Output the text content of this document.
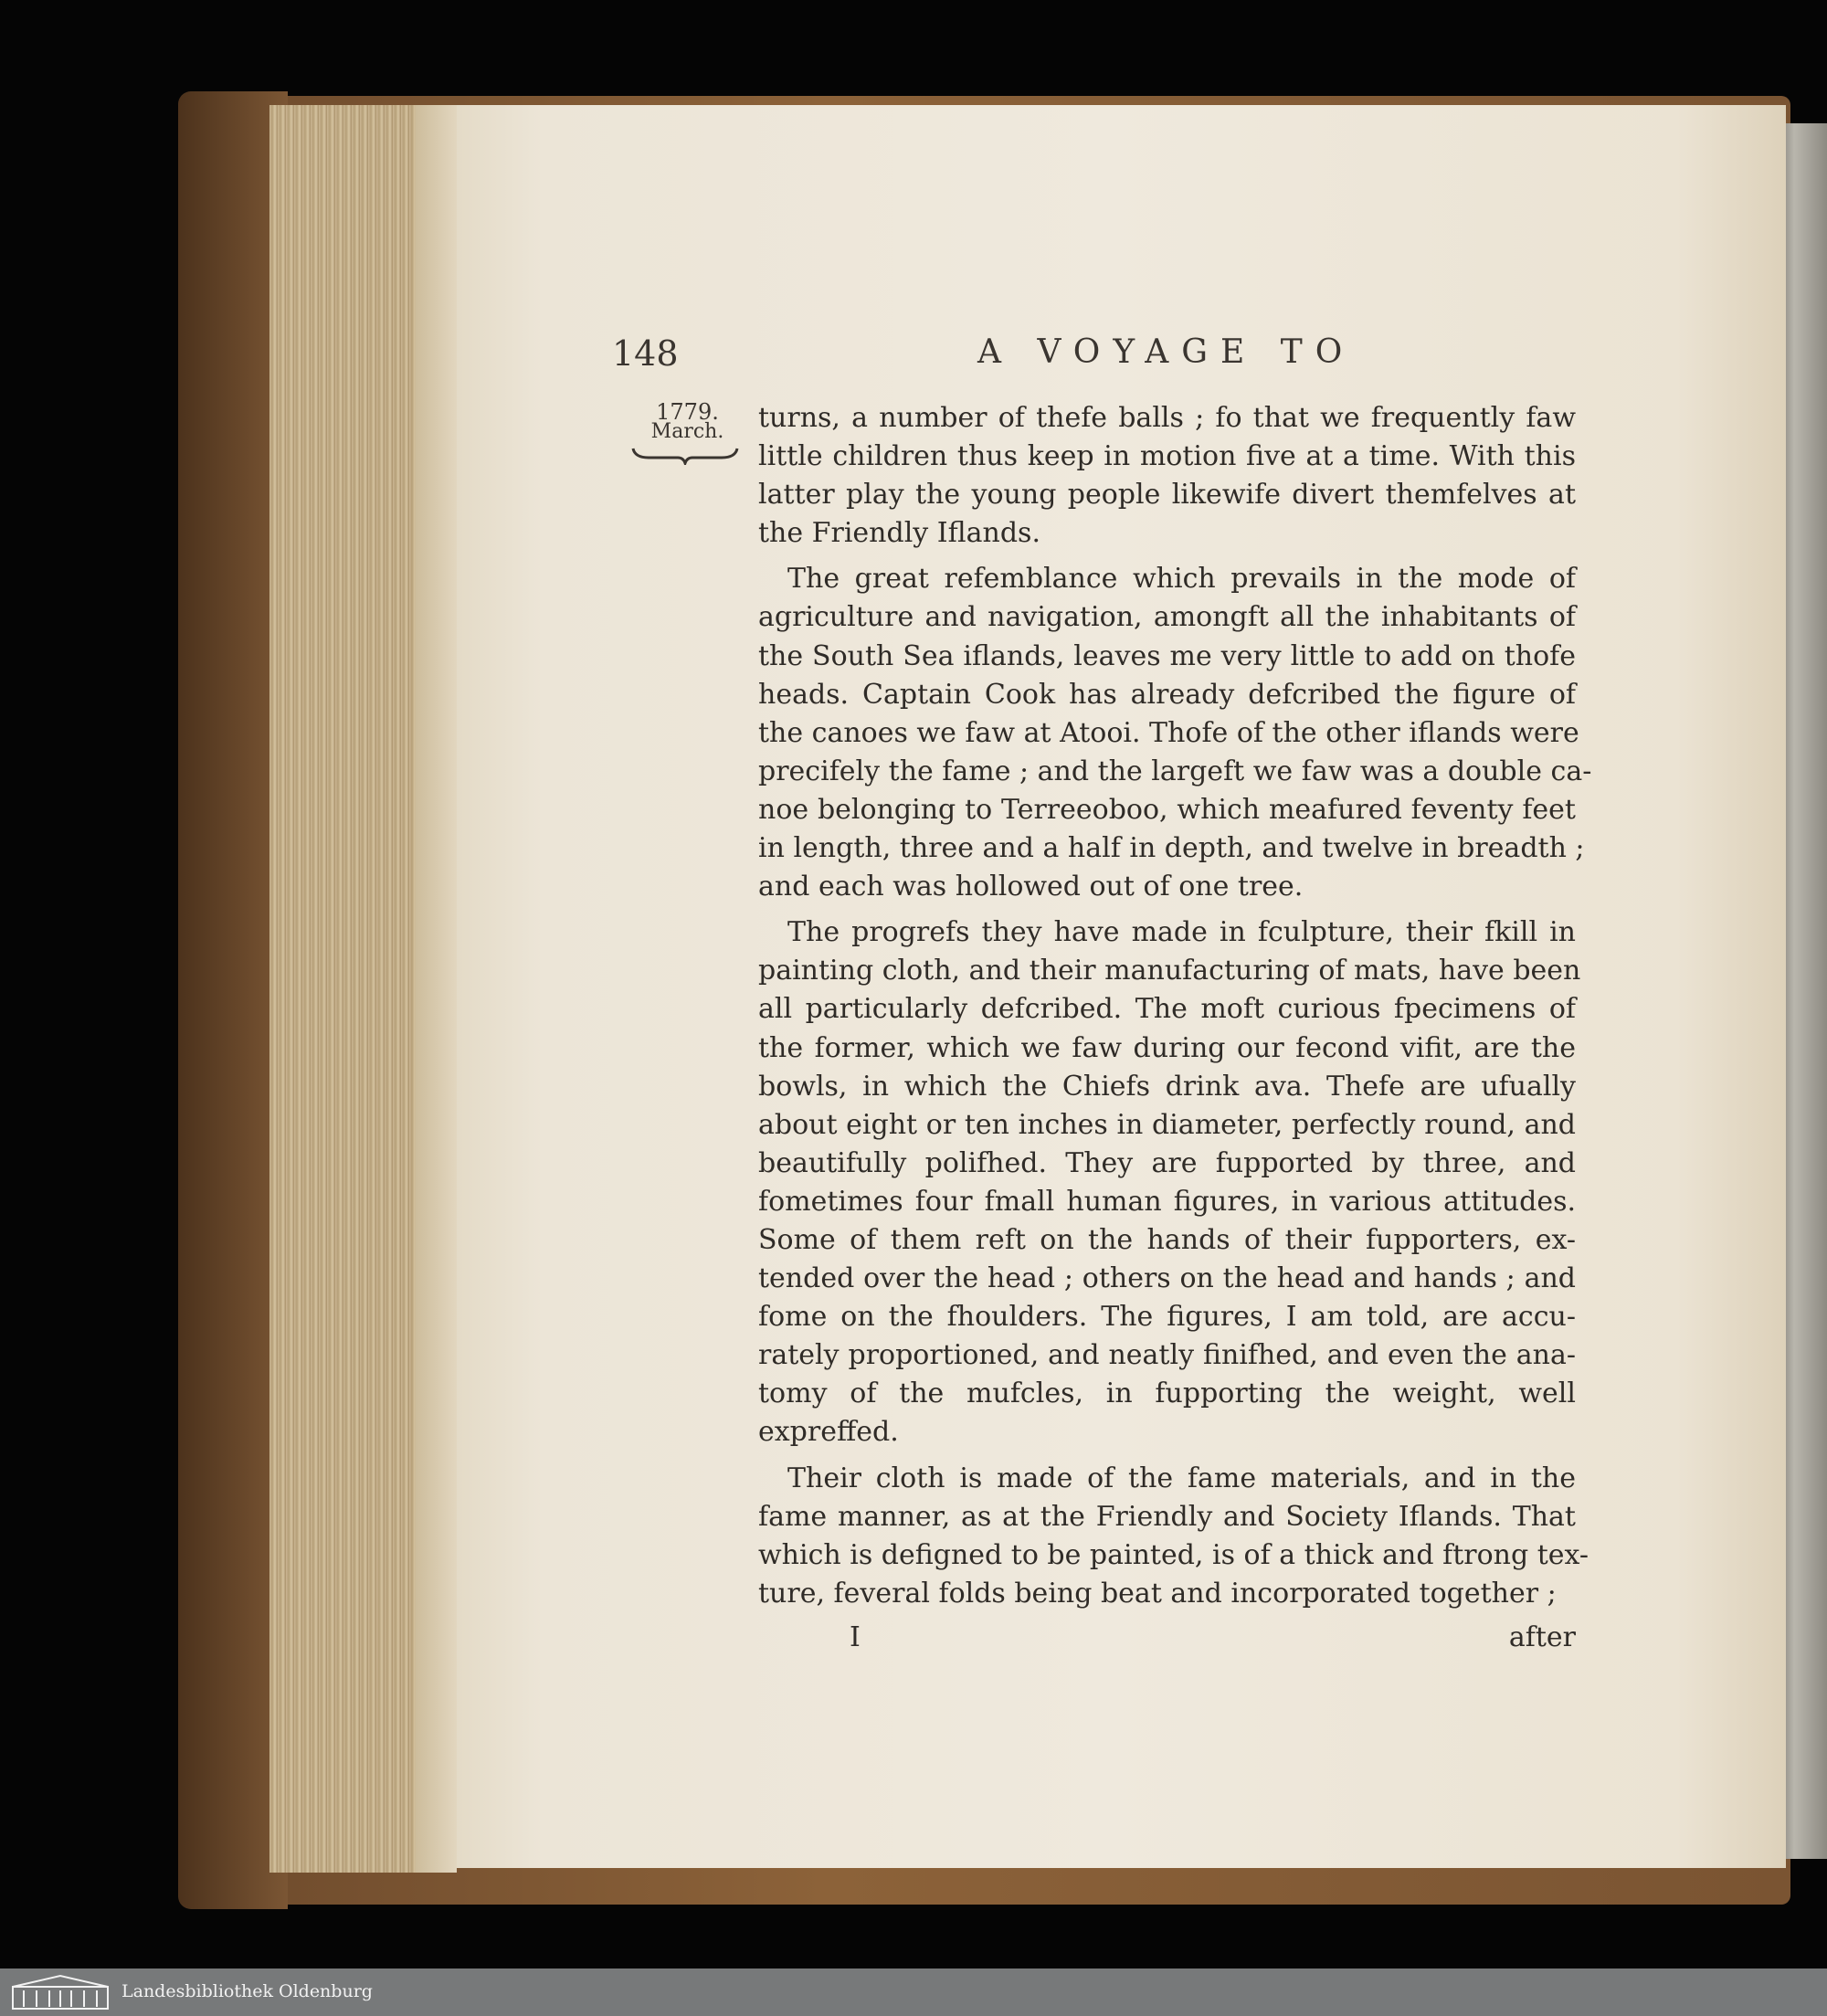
148	A VOYAGE TO
1779.
March.	turns, a number of thefe balls ; fo that we frequently faw
little children thus keep in motion five at a time. With this
latter play the young people likewife divert themfelves at
the Friendly Iflands.
The great refemblance which prevails in the mode of
agriculture and navigation, amongft all the inhabitants of
the South Sea iflands, leaves me very little to add on thofe
heads. Captain Cook has already defcribed the figure of
the canoes we faw at Atooi. Thofe of the other iflands were
precifely the fame ; and the largeft we faw was a double ca-
noe belonging to Terreeoboo, which meafured feventy feet
in length, three and a half in depth, and twelve in breadth ;
and each was hollowed out of one tree.
The progrefs they have made in fculpture, their fkill in
painting cloth, and their manufacturing of mats, have been
all particularly defcribed. The moft curious fpecimens of
the former, which we faw during our fecond vifit, are the
bowls, in which the Chiefs drink ava. Thefe are ufually
about eight or ten inches in diameter, perfectly round, and
beautifully polifhed. They are fupported by three, and
fometimes four fmall human figures, in various attitudes.
Some of them reft on the hands of their fupporters, ex-
tended over the head ; others on the head and hands ; and
fome on the fhoulders. The figures, I am told, are accu-
rately proportioned, and neatly finifhed, and even the ana-
tomy of the mufcles, in fupporting the weight, well
expreffed.
Their cloth is made of the fame materials, and in the
fame manner, as at the Friendly and Society Iflands. That
which is defigned to be painted, is of a thick and ftrong tex-
ture, feveral folds being beat and incorporated together ;
I	after
Landesbibliothek Oldenburg
